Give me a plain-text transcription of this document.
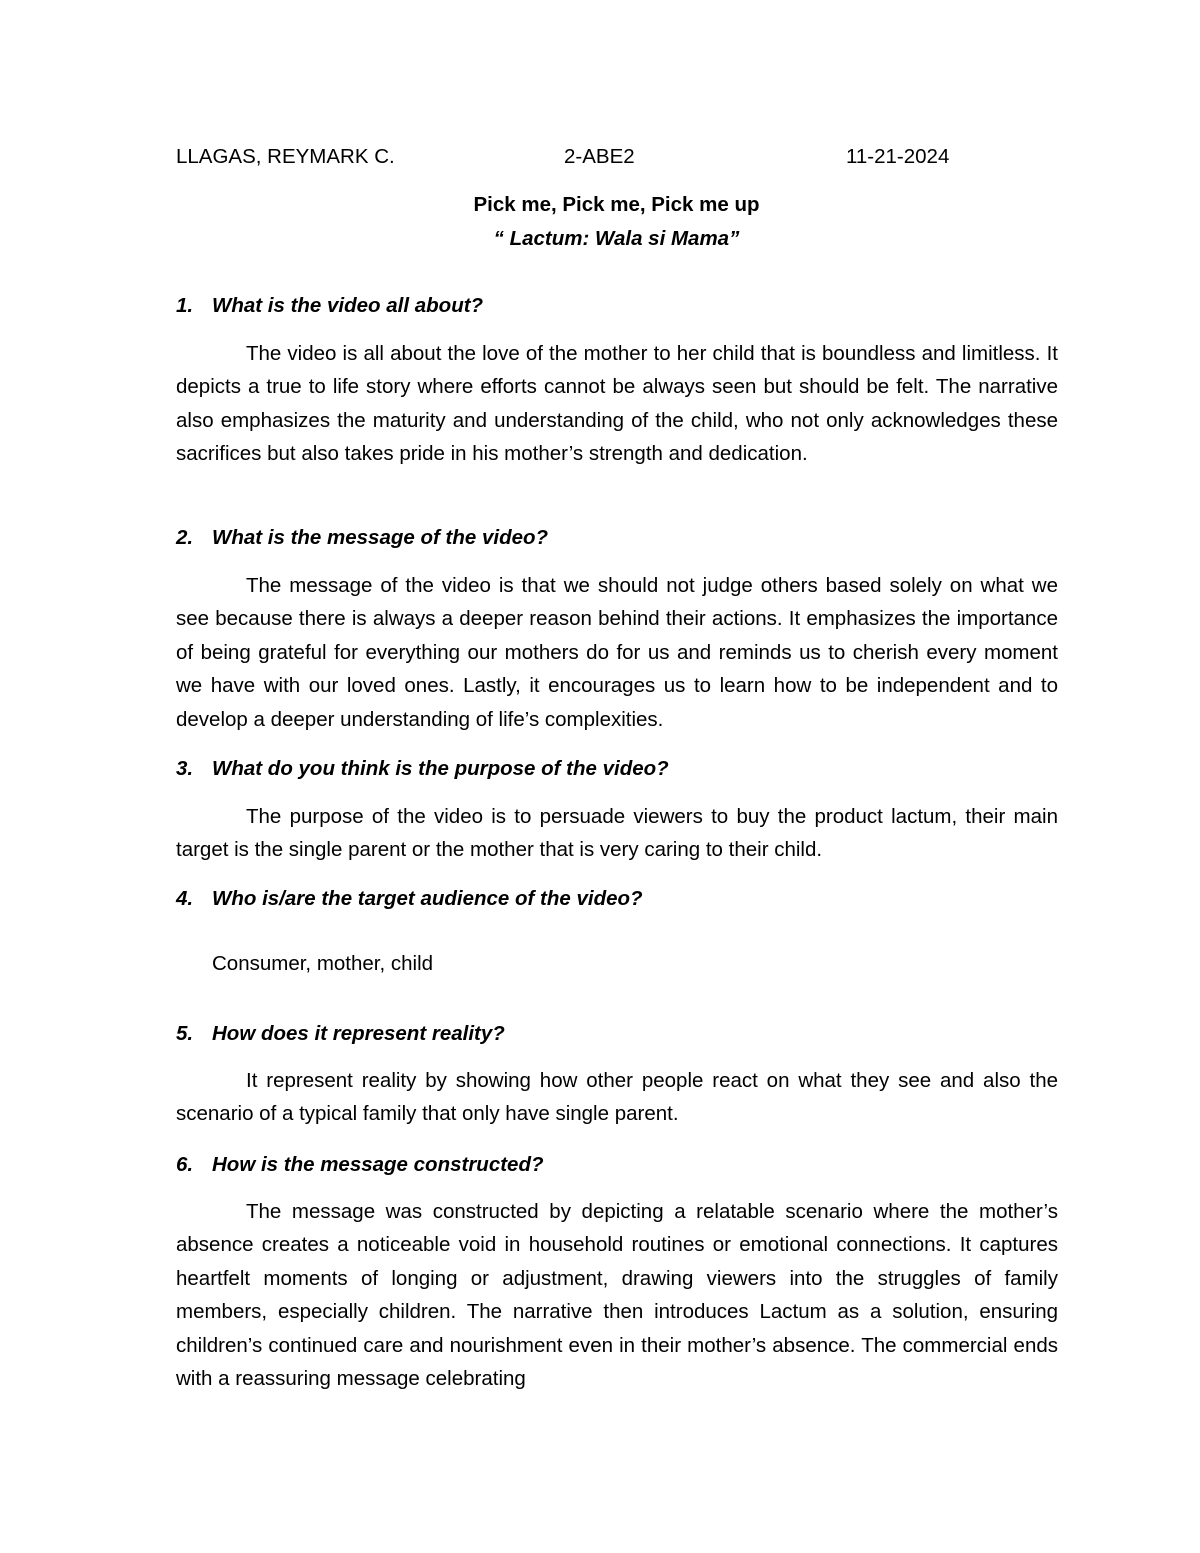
LLAGAS, REYMARK C.	2-ABE2	11-21-2024
Pick me, Pick me, Pick me up
“ Lactum: Wala si Mama”
1. What is the video all about?

The video is all about the love of the mother to her child that is boundless and limitless. It depicts a true to life story where efforts cannot be always seen but should be felt. The narrative also emphasizes the maturity and understanding of the child, who not only acknowledges these sacrifices but also takes pride in his mother’s strength and dedication.

2. What is the message of the video?

The message of the video is that we should not judge others based solely on what we see because there is always a deeper reason behind their actions. It emphasizes the importance of being grateful for everything our mothers do for us and reminds us to cherish every moment we have with our loved ones. Lastly, it encourages us to learn how to be independent and to develop a deeper understanding of life’s complexities.

3. What do you think is the purpose of the video?

The purpose of the video is to persuade viewers to buy the product lactum, their main target is the single parent or the mother that is very caring to their child.

4. Who is/are the target audience of the video?

Consumer, mother, child

5. How does it represent reality?

It represent reality by showing how other people react on what they see and also the scenario of a typical family that only have single parent.

6. How is the message constructed?

The message was constructed by depicting a relatable scenario where the mother’s absence creates a noticeable void in household routines or emotional connections. It captures heartfelt moments of longing or adjustment, drawing viewers into the struggles of family members, especially children. The narrative then introduces Lactum as a solution, ensuring children’s continued care and nourishment even in their mother’s absence. The commercial ends with a reassuring message celebrating
